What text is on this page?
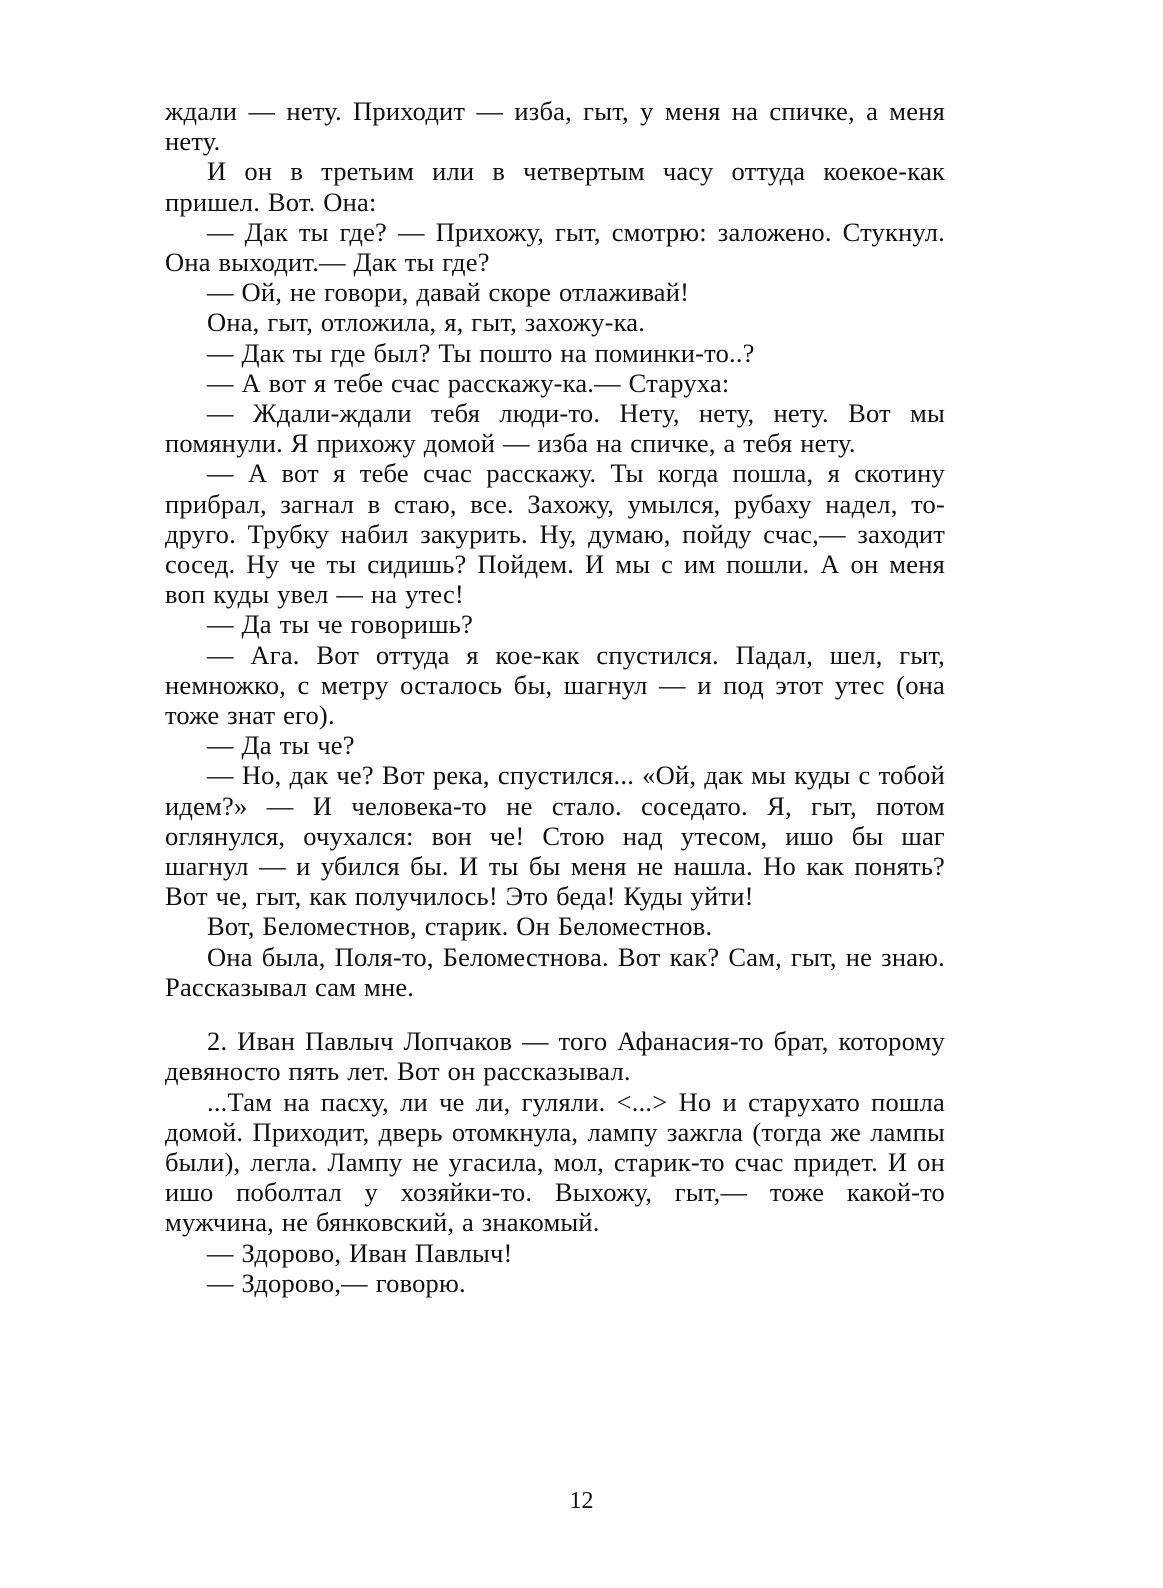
ждали — нету. Приходит — изба, гыт, у меня на спичке, а меня нету.

И он в третьим или в четвертым часу оттуда коекое-как пришел. Вот. Она:

— Дак ты где? — Прихожу, гыт, смотрю: заложено. Стукнул. Она выходит.— Дак ты где?

— Ой, не говори, давай скоре отлаживай!

Она, гыт, отложила, я, гыт, захожу-ка.

— Дак ты где был? Ты пошто на поминки-то..?

— А вот я тебе счас расскажу-ка.— Старуха:

— Ждали-ждали тебя люди-то. Нету, нету, нету. Вот мы помянули. Я прихожу домой — изба на спичке, а тебя нету.

— А вот я тебе счас расскажу. Ты когда пошла, я скотину прибрал, загнал в стаю, все. Захожу, умылся, рубаху надел, то-друго. Трубку набил закурить. Ну, думаю, пойду счас,— заходит сосед. Ну че ты сидишь? Пойдем. И мы с им пошли. А он меня воп куды увел — на утес!

— Да ты че говоришь?

— Ага. Вот оттуда я кое-как спустился. Падал, шел, гыт, немножко, с метру осталось бы, шагнул — и под этот утес (она тоже знат его).

— Да ты че?

— Но, дак че? Вот река, спустился... «Ой, дак мы куды с тобой идем?» — И человека-то не стало. соседато. Я, гыт, потом оглянулся, очухался: вон че! Стою над утесом, ишо бы шаг шагнул — и убился бы. И ты бы меня не нашла. Но как понять? Вот че, гыт, как получилось! Это беда! Куды уйти!

Вот, Беломестнов, старик. Он Беломестнов.

Она была, Поля-то, Беломестнова. Вот как? Сам, гыт, не знаю. Рассказывал сам мне.

2. Иван Павлыч Лопчаков — того Афанасия-то брат, которому девяносто пять лет. Вот он рассказывал.

...Там на пасху, ли че ли, гуляли. <...> Но и старухато пошла домой. Приходит, дверь отомкнула, лампу зажгла (тогда же лампы были), легла. Лампу не угасила, мол, старик-то счас придет. И он ишо поболтал у хозяйки-то. Выхожу, гыт,— тоже какой-то мужчина, не бянковский, а знакомый.

— Здорово, Иван Павлыч!

— Здорово,— говорю.

12
